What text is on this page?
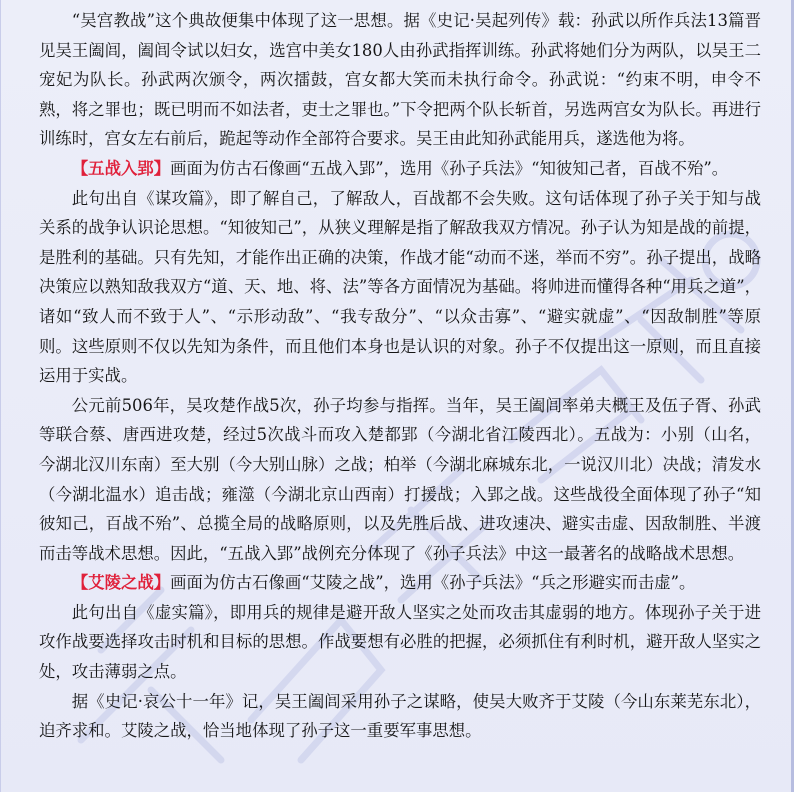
“吴宫教战”这个典故便集中体现了这一思想。据《史记·吴起列传》载：孙武以所作兵法13篇晋见吴王阖闾，阖闾令试以妇女，选宫中美女180人由孙武指挥训练。孙武将她们分为两队，以吴王二宠妃为队长。孙武两次颁令，两次擂鼓，宫女都大笑而未执行命令。孙武说：“约束不明，申令不熟，将之罪也；既已明而不如法者，吏士之罪也。”下令把两个队长斩首，另选两宫女为队长。再进行训练时，宫女左右前后，跪起等动作全部符合要求。吴王由此知孙武能用兵，遂选他为将。

【五战入郢】画面为仿古石像画“五战入郢”，选用《孙子兵法》“知彼知己者，百战不殆”。

此句出自《谋攻篇》，即了解自己，了解敌人，百战都不会失败。这句话体现了孙子关于知与战关系的战争认识论思想。“知彼知己”，从狭义理解是指了解敌我双方情况。孙子认为知是战的前提，是胜利的基础。只有先知，才能作出正确的决策，作战才能“动而不迷，举而不穷”。孙子提出，战略决策应以熟知敌我双方“道、天、地、将、法”等各方面情况为基础。将帅进而懂得各种“用兵之道”，诸如“致人而不致于人”、“示形动敌”、“我专敌分”、“以众击寡”、“避实就虚”、“因敌制胜”等原则。这些原则不仅以先知为条件，而且他们本身也是认识的对象。孙子不仅提出这一原则，而且直接运用于实战。

公元前506年，吴攻楚作战5次，孙子均参与指挥。当年，吴王阖闾率弟夫概王及伍子胥、孙武等联合蔡、唐西进攻楚，经过5次战斗而攻入楚都郢（今湖北省江陵西北）。五战为：小别（山名，今湖北汉川东南）至大别（今大别山脉）之战；柏举（今湖北麻城东北，一说汉川北）决战；清发水（今湖北温水）追击战；雍澨（今湖北京山西南）打援战；入郢之战。这些战役全面体现了孙子“知彼知己，百战不殆”、总揽全局的战略原则，以及先胜后战、进攻速决、避实击虚、因敌制胜、半渡而击等战术思想。因此，“五战入郢”战例充分体现了《孙子兵法》中这一最著名的战略战术思想。

【艾陵之战】画面为仿古石像画“艾陵之战”，选用《孙子兵法》“兵之形避实而击虚”。

此句出自《虚实篇》，即用兵的规律是避开敌人坚实之处而攻击其虚弱的地方。体现孙子关于进攻作战要选择攻击时机和目标的思想。作战要想有必胜的把握，必须抓住有利时机，避开敌人坚实之处，攻击薄弱之点。

据《史记·哀公十一年》记，吴王阖闾采用孙子之谋略，使吴大败齐于艾陵（今山东莱芜东北），迫齐求和。艾陵之战，恰当地体现了孙子这一重要军事思想。
